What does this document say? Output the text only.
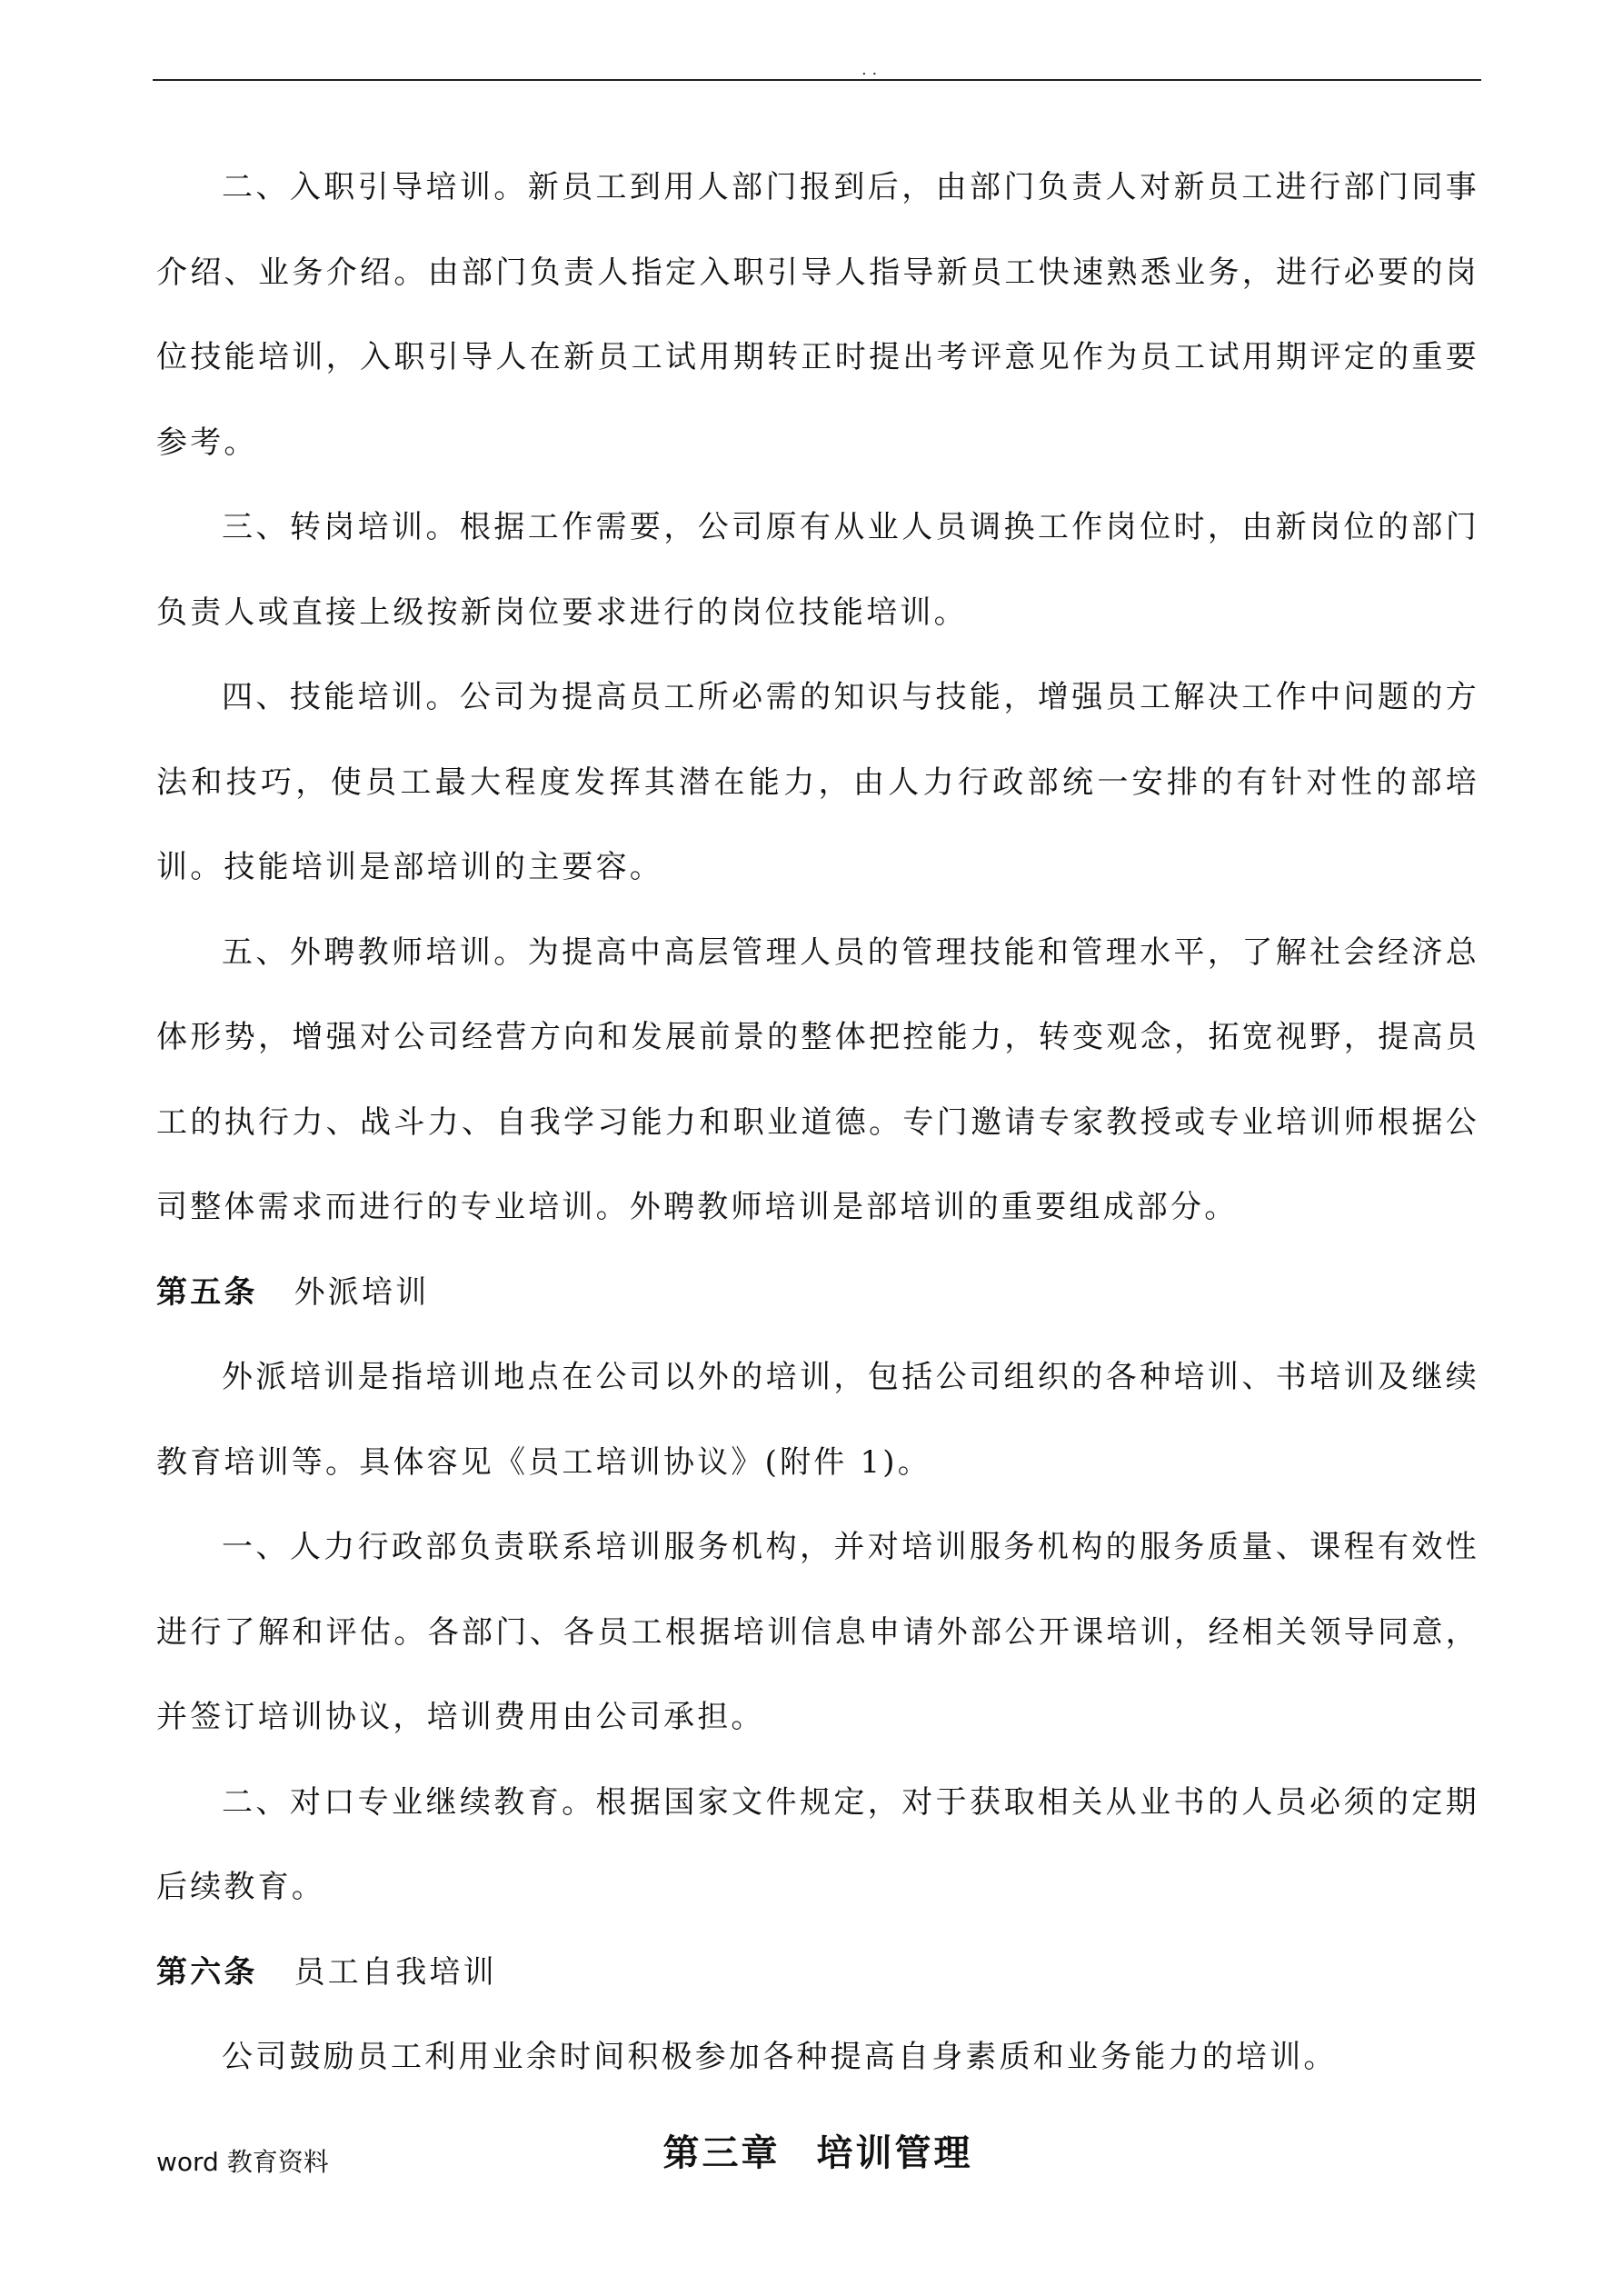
. .

二、入职引导培训。新员工到用人部门报到后，由部门负责人对新员工进行部门同事介绍、业务介绍。由部门负责人指定入职引导人指导新员工快速熟悉业务，进行必要的岗位技能培训，入职引导人在新员工试用期转正时提出考评意见作为员工试用期评定的重要参考。

三、转岗培训。根据工作需要，公司原有从业人员调换工作岗位时，由新岗位的部门负责人或直接上级按新岗位要求进行的岗位技能培训。

四、技能培训。公司为提高员工所必需的知识与技能，增强员工解决工作中问题的方法和技巧，使员工最大程度发挥其潜在能力，由人力行政部统一安排的有针对性的部培训。技能培训是部培训的主要容。

五、外聘教师培训。为提高中高层管理人员的管理技能和管理水平，了解社会经济总体形势，增强对公司经营方向和发展前景的整体把控能力，转变观念，拓宽视野，提高员工的执行力、战斗力、自我学习能力和职业道德。专门邀请专家教授或专业培训师根据公司整体需求而进行的专业培训。外聘教师培训是部培训的重要组成部分。

第五条 外派培训

外派培训是指培训地点在公司以外的培训，包括公司组织的各种培训、书培训及继续教育培训等。具体容见《员工培训协议》(附件 1)。

一、人力行政部负责联系培训服务机构，并对培训服务机构的服务质量、课程有效性进行了解和评估。各部门、各员工根据培训信息申请外部公开课培训，经相关领导同意，并签订培训协议，培训费用由公司承担。

二、对口专业继续教育。根据国家文件规定，对于获取相关从业书的人员必须的定期后续教育。

第六条 员工自我培训

公司鼓励员工利用业余时间积极参加各种提高自身素质和业务能力的培训。

第三章 培训管理

word 教育资料
